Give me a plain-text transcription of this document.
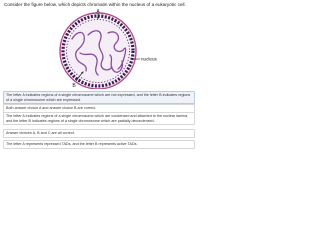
Consider the figure below, which depicts chromatin within the nucleus of a eukaryotic cell.
A
B
nucleus
The letter A indicates regions of a single chromosome which are not expressed, and the letter B indicates regions of a single chromosome which are expressed.
Both answer choice A and answer choice B are correct.
The letter A indicates regions of a single chromosome which are condensed and attached to the nuclear lamina, and the letter B indicates regions of a single chromosome which are partially decondensed.
Answer choices A, B and C are all correct.
The letter A represents repressed TADs, and the letter B represents active TADs.
